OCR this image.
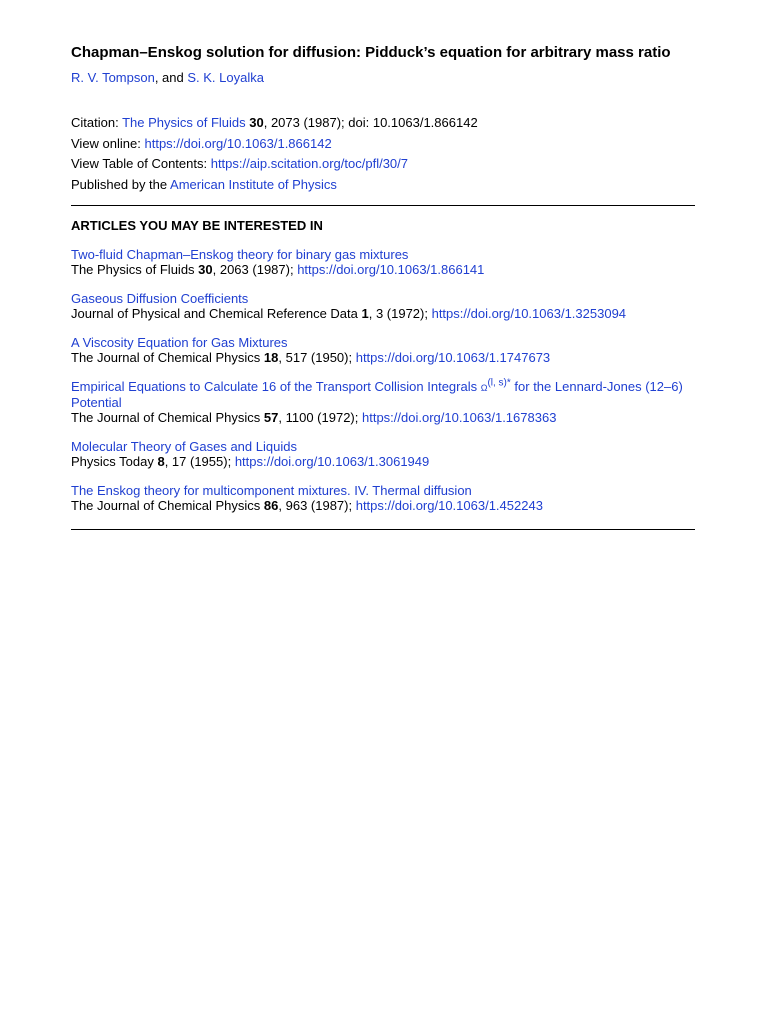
Chapman–Enskog solution for diffusion: Pidduck’s equation for arbitrary mass ratio
R. V. Tompson, and S. K. Loyalka
Citation: The Physics of Fluids 30, 2073 (1987); doi: 10.1063/1.866142
View online: https://doi.org/10.1063/1.866142
View Table of Contents: https://aip.scitation.org/toc/pfl/30/7
Published by the American Institute of Physics
ARTICLES YOU MAY BE INTERESTED IN
Two-fluid Chapman–Enskog theory for binary gas mixtures
The Physics of Fluids 30, 2063 (1987); https://doi.org/10.1063/1.866141
Gaseous Diffusion Coefficients
Journal of Physical and Chemical Reference Data 1, 3 (1972); https://doi.org/10.1063/1.3253094
A Viscosity Equation for Gas Mixtures
The Journal of Chemical Physics 18, 517 (1950); https://doi.org/10.1063/1.1747673
Empirical Equations to Calculate 16 of the Transport Collision Integrals $\Omega^{(l, s)*}$ for the Lennard-Jones (12–6) Potential
The Journal of Chemical Physics 57, 1100 (1972); https://doi.org/10.1063/1.1678363
Molecular Theory of Gases and Liquids
Physics Today 8, 17 (1955); https://doi.org/10.1063/1.3061949
The Enskog theory for multicomponent mixtures. IV. Thermal diffusion
The Journal of Chemical Physics 86, 963 (1987); https://doi.org/10.1063/1.452243
